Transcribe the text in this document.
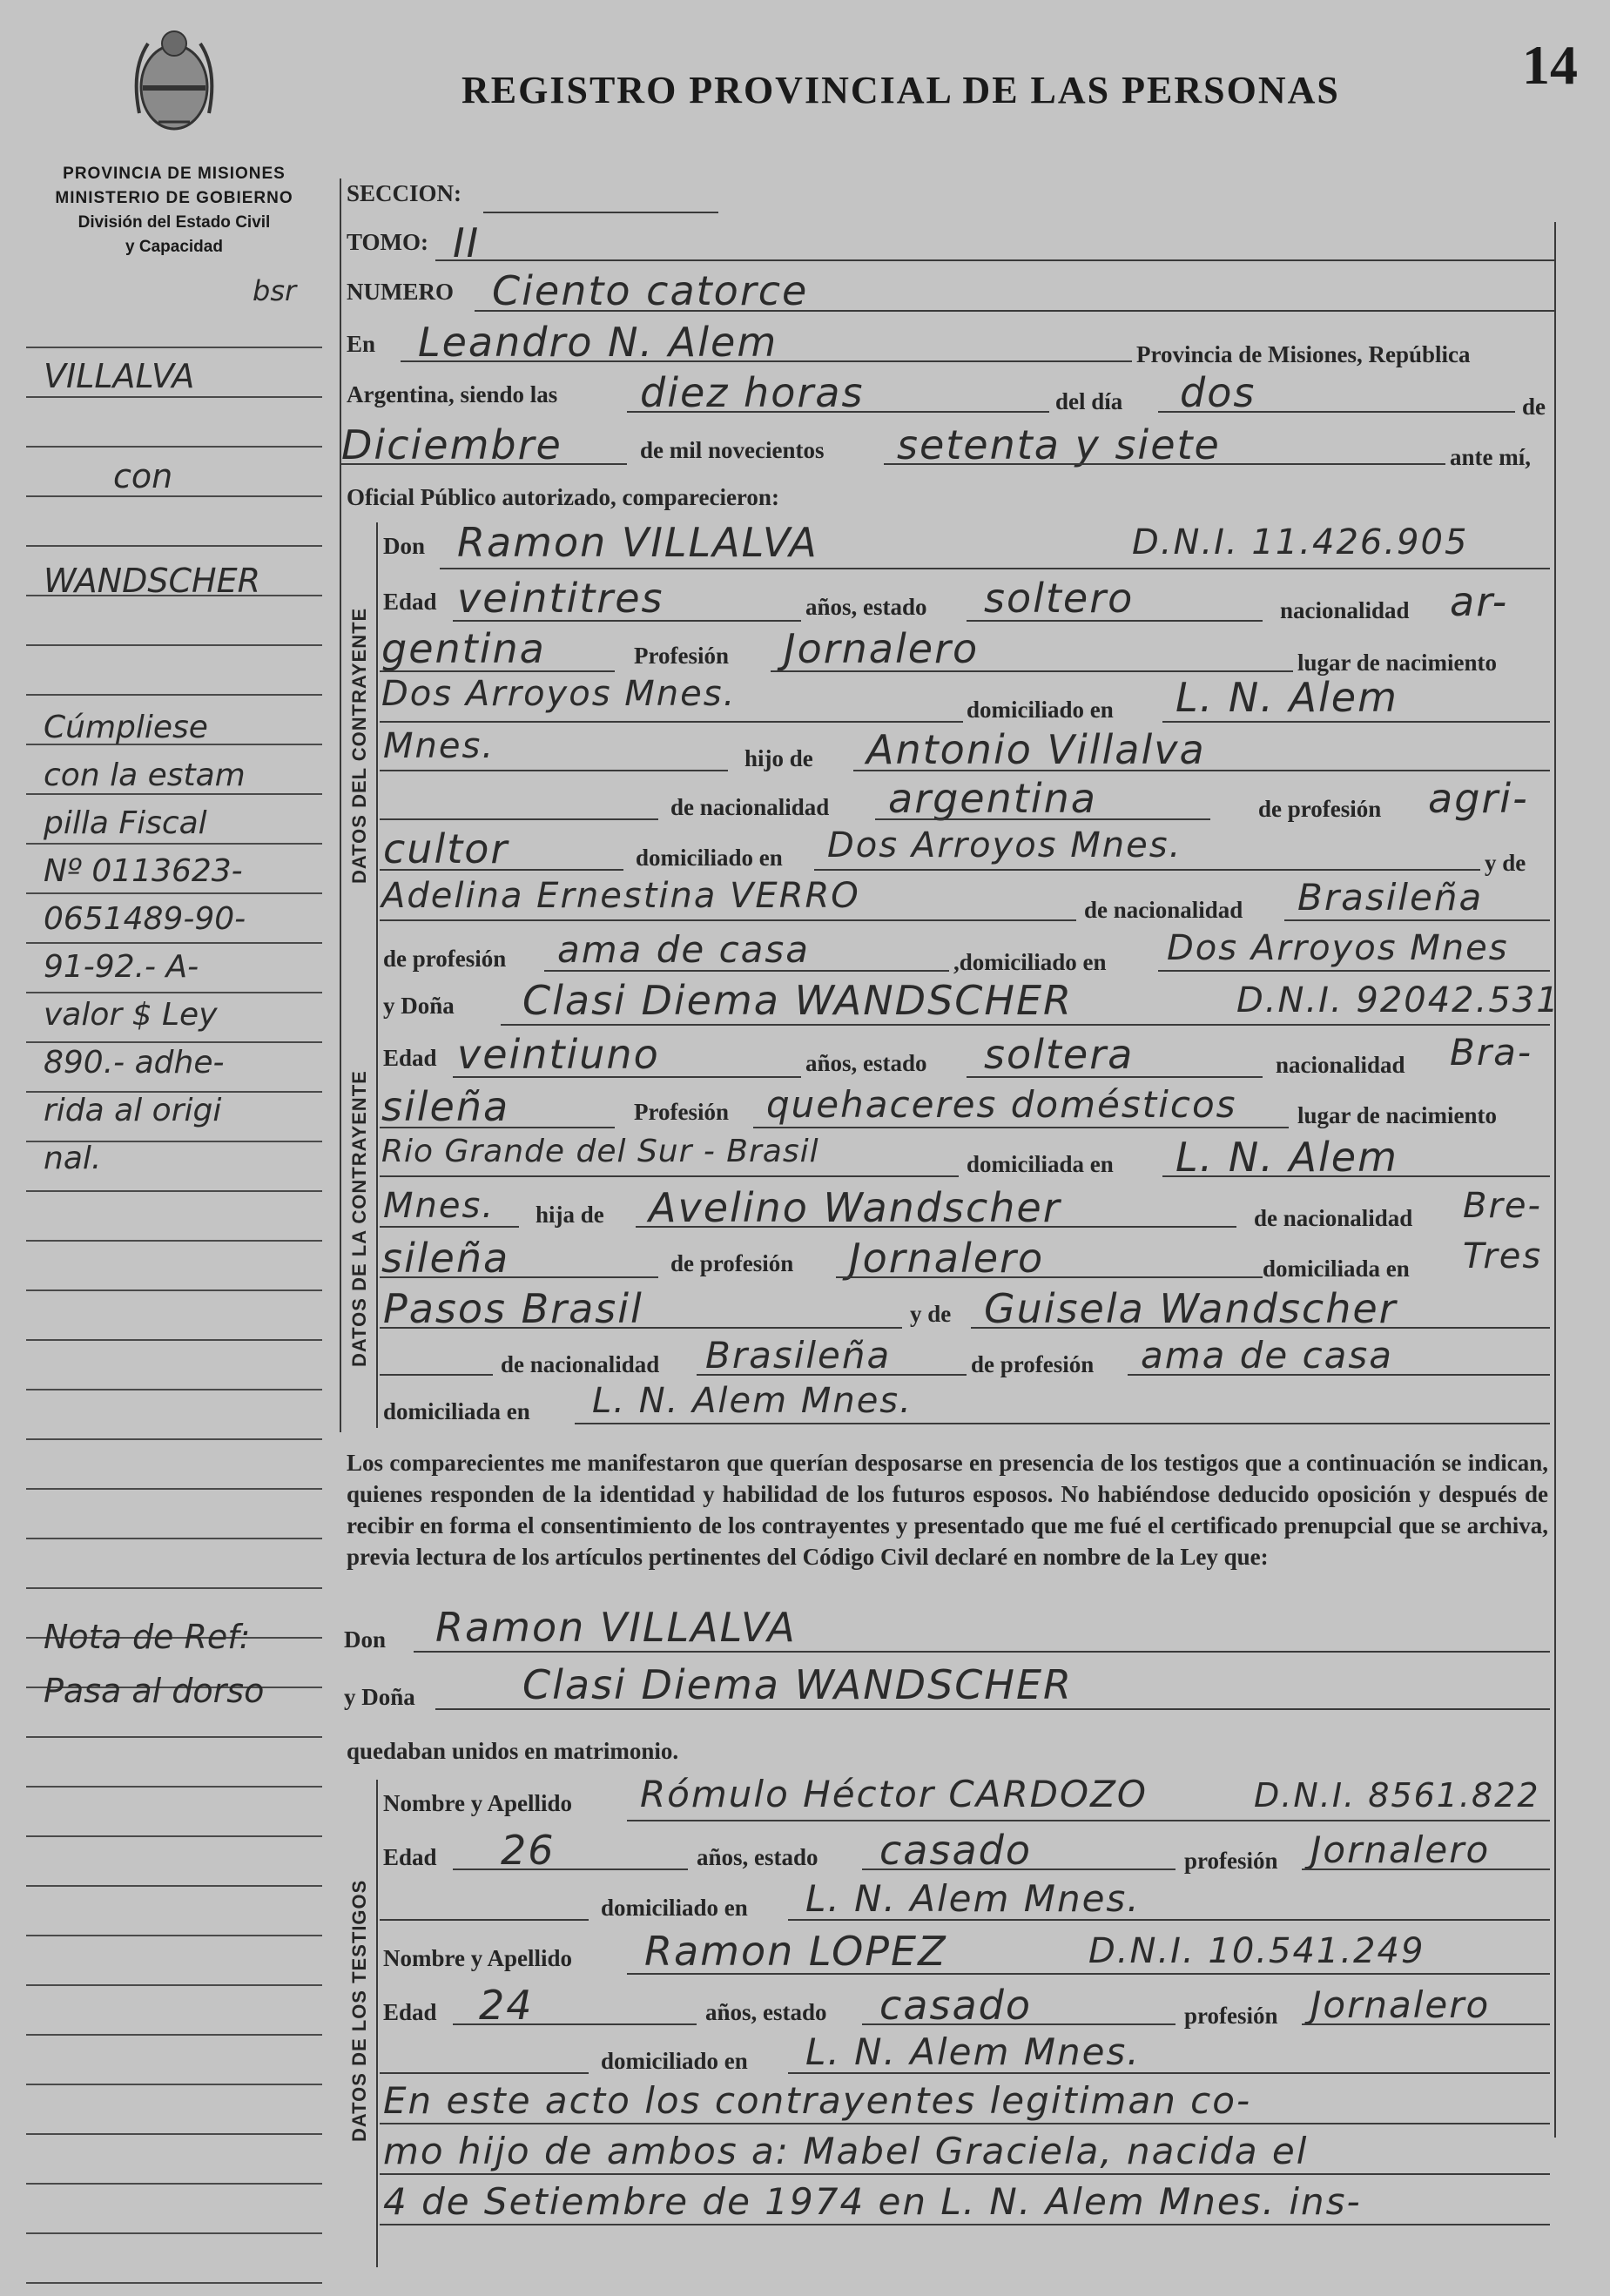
REGISTRO PROVINCIAL DE LAS PERSONAS	14
PROVINCIA DE MISIONES
MINISTERIO DE GOBIERNO
División del Estado Civil
y Capacidad
bsr
VILLALVA
con
WANDSCHER
Cúmpliese
con la estam
pilla Fiscal
Nº 0113623-
0651489-90-
91-92.- A-
valor $ Ley
890.- adhe-
rida al origi
nal.
Nota de Ref:
Pasa al dorso
SECCION:
TOMO: II
NUMERO Ciento catorce
En Leandro N. Alem	Provincia de Misiones, República
Argentina, siendo las diez horas	del día dos	de
Diciembre	de mil novecientos setenta y siete	ante mí,
Oficial Público autorizado, comparecieron:
DATOS DEL CONTRAYENTE
Don Ramon VILLALVA	D.N.I. 11.426.905
Edad veintitres	años, estado soltero	nacionalidad ar-
gentina	Profesión Jornalero	lugar de nacimiento
Dos Arroyos Mnes.	domiciliado en L. N. Alem
Mnes.	hijo de Antonio Villalva
de nacionalidad argentina	de profesión agri-
cultor	domiciliado en Dos Arroyos Mnes.	y de
Adelina Ernestina VERRO	de nacionalidad Brasileña
de profesión ama de casa	,domiciliado en Dos Arroyos Mnes
DATOS DE LA CONTRAYENTE
y Doña Clasi Diema WANDSCHER	D.N.I. 92042.531
Edad veintiuno	años, estado soltera	nacionalidad Bra-
sileña	Profesión quehaceres domésticos	lugar de nacimiento
Rio Grande del Sur - Brasil	domiciliada en L. N. Alem
Mnes. hija de Avelino Wandscher	de nacionalidad Bre-
sileña	de profesión Jornalero	domiciliada en Tres
Pasos Brasil	y de Guisela Wandscher
de nacionalidad Brasileña	de profesión ama de casa
domiciliada en L. N. Alem Mnes.
Los comparecientes me manifestaron que querían desposarse en presencia de los testigos que a continuación se indican, quienes responden de la identidad y habilidad de los futuros esposos. No habiéndose deducido oposición y después de recibir en forma el consentimiento de los contrayentes y presentado que me fué el certificado prenupcial que se archiva, previa lectura de los artículos pertinentes del Código Civil declaré en nombre de la Ley que:
Don Ramon VILLALVA
y Doña	Clasi Diema WANDSCHER
quedaban unidos en matrimonio.
DATOS DE LOS TESTIGOS
Nombre y Apellido Rómulo Héctor CARDOZO	D.N.I. 8561.822
Edad 26	años, estado casado	profesión Jornalero
domiciliado en L. N. Alem Mnes.
Nombre y Apellido Ramon LOPEZ	D.N.I. 10.541.249
Edad 24	años, estado casado	profesión Jornalero
domiciliado en L. N. Alem Mnes.
En este acto los contrayentes legitiman co-
mo hijo de ambos a: Mabel Graciela, nacida el
4 de Setiembre de 1974 en L. N. Alem Mnes. ins-
